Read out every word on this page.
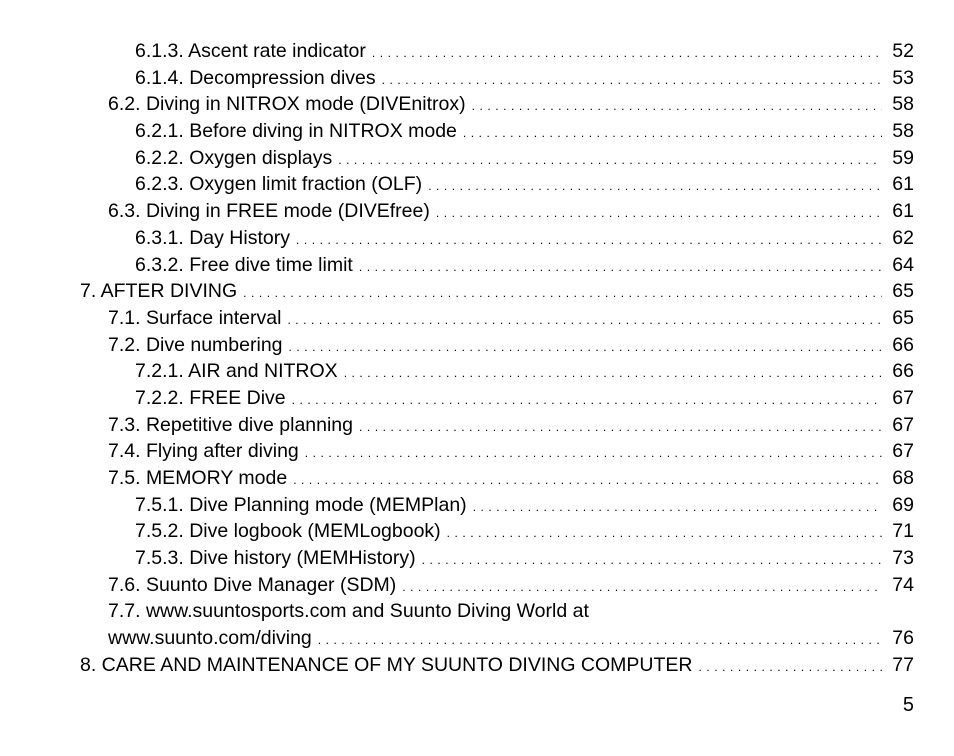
6.1.3. Ascent rate indicator . . .	52
6.1.4. Decompression dives . . .	53
6.2. Diving in NITROX mode (DIVEnitrox) . . .	58
6.2.1. Before diving in NITROX mode . . .	58
6.2.2. Oxygen displays . . .	59
6.2.3. Oxygen limit fraction (OLF) . . .	61
6.3. Diving in FREE mode (DIVEfree) . . .	61
6.3.1. Day History . . .	62
6.3.2. Free dive time limit . . .	64
7. AFTER DIVING . . .	65
7.1. Surface interval . . .	65
7.2. Dive numbering . . .	66
7.2.1. AIR and NITROX . . .	66
7.2.2. FREE Dive . . .	67
7.3. Repetitive dive planning . . .	67
7.4. Flying after diving . . .	67
7.5. MEMORY mode . . .	68
7.5.1. Dive Planning mode (MEMPlan) . . .	69
7.5.2. Dive logbook (MEMLogbook) . . .	71
7.5.3. Dive history (MEMHistory) . . .	73
7.6. Suunto Dive Manager (SDM) . . .	74
7.7. www.suuntosports.com and Suunto Diving World at
www.suunto.com/diving . . .	76
8. CARE AND MAINTENANCE OF MY SUUNTO DIVING COMPUTER . . .	77
5
